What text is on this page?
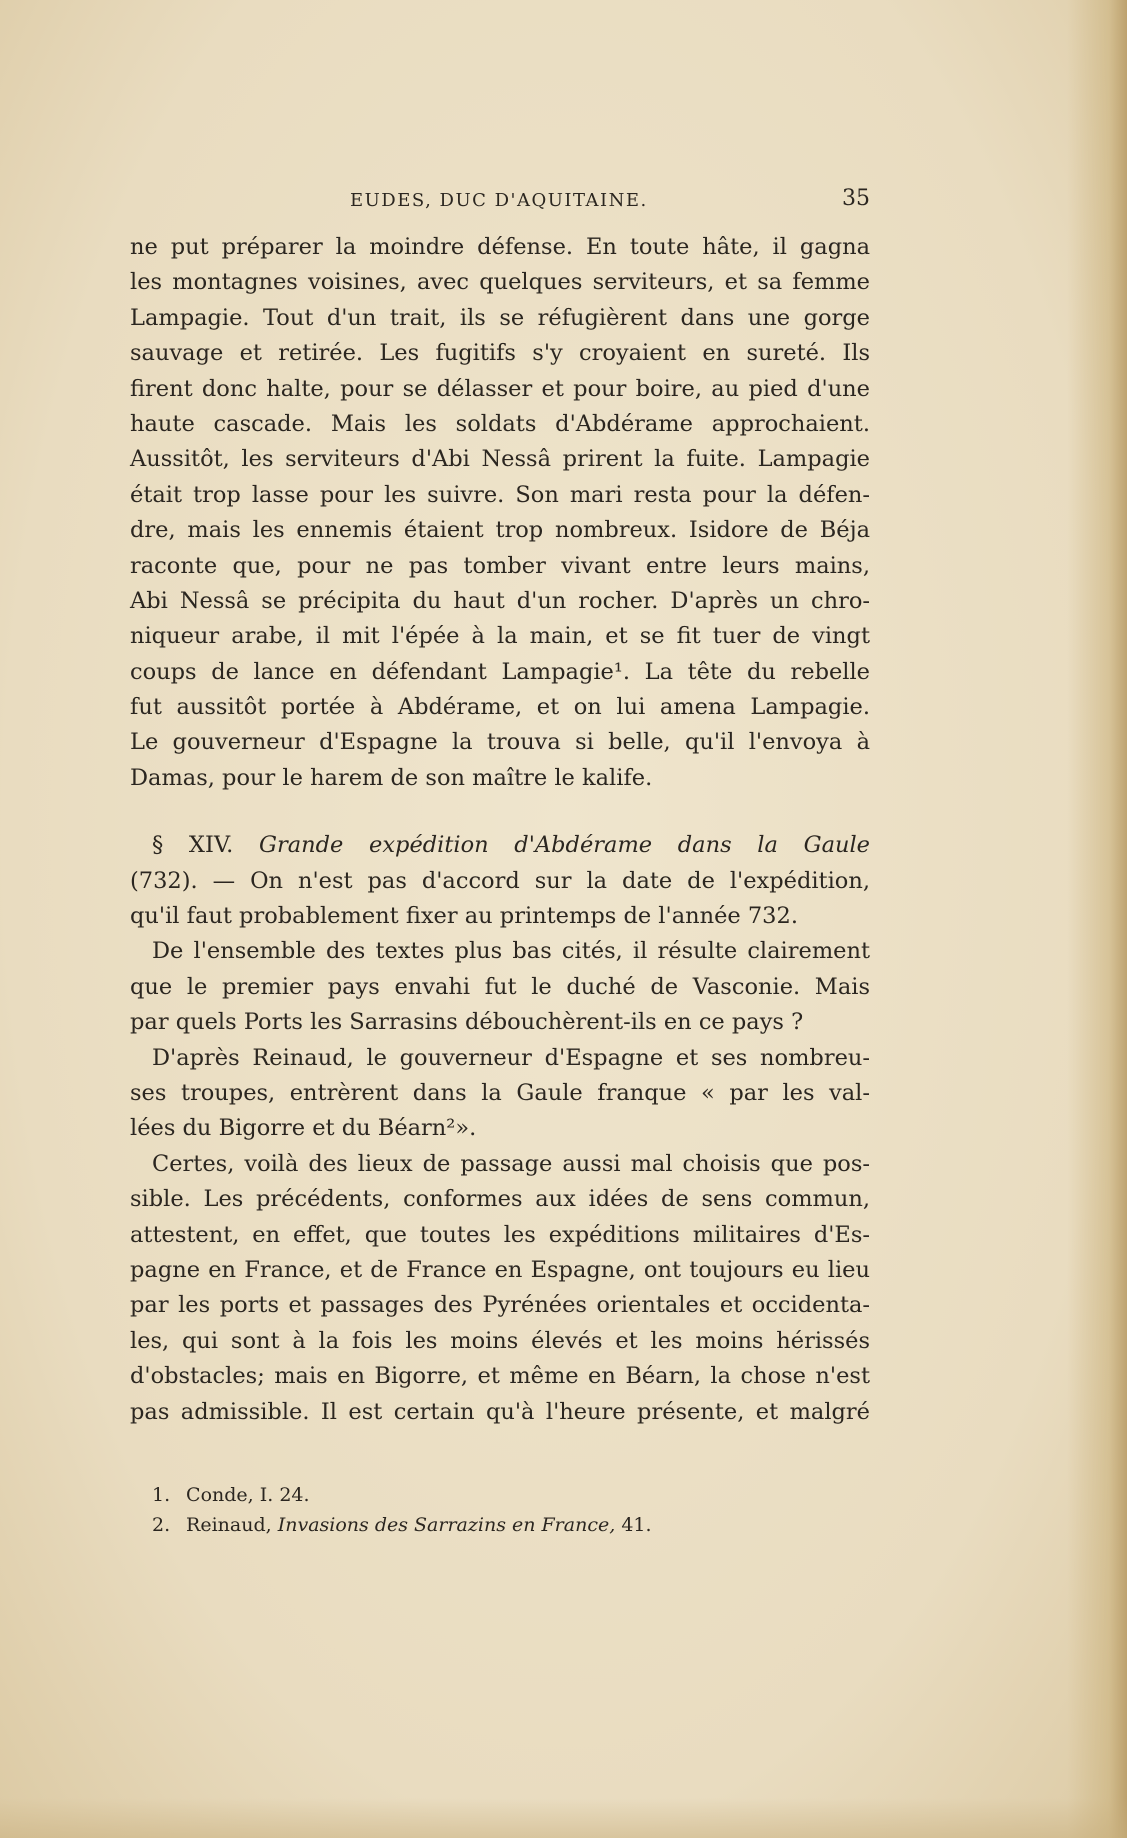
EUDES, DUC D'AQUITAINE.	35
ne put préparer la moindre défense. En toute hâte, il gagna
les montagnes voisines, avec quelques serviteurs, et sa femme
Lampagie. Tout d'un trait, ils se réfugièrent dans une gorge
sauvage et retirée. Les fugitifs s'y croyaient en sureté. Ils
firent donc halte, pour se délasser et pour boire, au pied d'une
haute cascade. Mais les soldats d'Abdérame approchaient.
Aussitôt, les serviteurs d'Abi Nessâ prirent la fuite. Lampagie
était trop lasse pour les suivre. Son mari resta pour la défen-
dre, mais les ennemis étaient trop nombreux. Isidore de Béja
raconte que, pour ne pas tomber vivant entre leurs mains,
Abi Nessâ se précipita du haut d'un rocher. D'après un chro-
niqueur arabe, il mit l'épée à la main, et se fit tuer de vingt
coups de lance en défendant Lampagie¹. La tête du rebelle
fut aussitôt portée à Abdérame, et on lui amena Lampagie.
Le gouverneur d'Espagne la trouva si belle, qu'il l'envoya à
Damas, pour le harem de son maître le kalife.
§ XIV. Grande expédition d'Abdérame dans la Gaule
(732). — On n'est pas d'accord sur la date de l'expédition,
qu'il faut probablement fixer au printemps de l'année 732.
De l'ensemble des textes plus bas cités, il résulte clairement
que le premier pays envahi fut le duché de Vasconie. Mais
par quels Ports les Sarrasins débouchèrent-ils en ce pays ?
D'après Reinaud, le gouverneur d'Espagne et ses nombreu-
ses troupes, entrèrent dans la Gaule franque « par les val-
lées du Bigorre et du Béarn²».
Certes, voilà des lieux de passage aussi mal choisis que pos-
sible. Les précédents, conformes aux idées de sens commun,
attestent, en effet, que toutes les expéditions militaires d'Es-
pagne en France, et de France en Espagne, ont toujours eu lieu
par les ports et passages des Pyrénées orientales et occidenta-
les, qui sont à la fois les moins élevés et les moins hérissés
d'obstacles; mais en Bigorre, et même en Béarn, la chose n'est
pas admissible. Il est certain qu'à l'heure présente, et malgré
1. Conde, I. 24.
2. Reinaud, Invasions des Sarrazins en France, 41.
